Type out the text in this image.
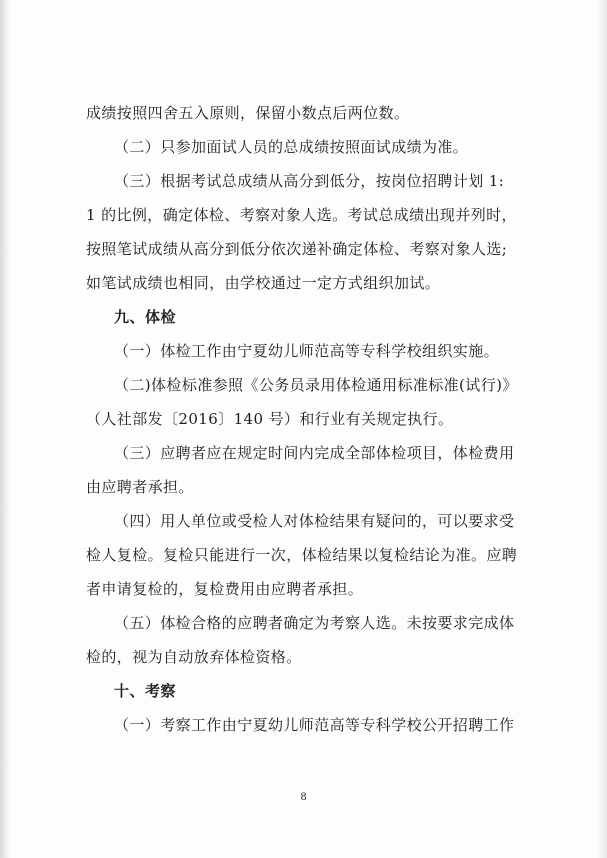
成绩按照四舍五入原则，保留小数点后两位数。
（二）只参加面试人员的总成绩按照面试成绩为准。
（三）根据考试总成绩从高分到低分，按岗位招聘计划 1:
1 的比例，确定体检、考察对象人选。考试总成绩出现并列时，
按照笔试成绩从高分到低分依次递补确定体检、考察对象人选;
如笔试成绩也相同，由学校通过一定方式组织加试。
九、体检
（一）体检工作由宁夏幼儿师范高等专科学校组织实施。
（二)体检标准参照《公务员录用体检通用标准标准(试行)》
（人社部发〔2016〕140 号）和行业有关规定执行。
（三）应聘者应在规定时间内完成全部体检项目，体检费用
由应聘者承担。
（四）用人单位或受检人对体检结果有疑问的，可以要求受
检人复检。复检只能进行一次，体检结果以复检结论为准。应聘
者申请复检的，复检费用由应聘者承担。
（五）体检合格的应聘者确定为考察人选。未按要求完成体
检的，视为自动放弃体检资格。
十、考察
（一）考察工作由宁夏幼儿师范高等专科学校公开招聘工作
8
